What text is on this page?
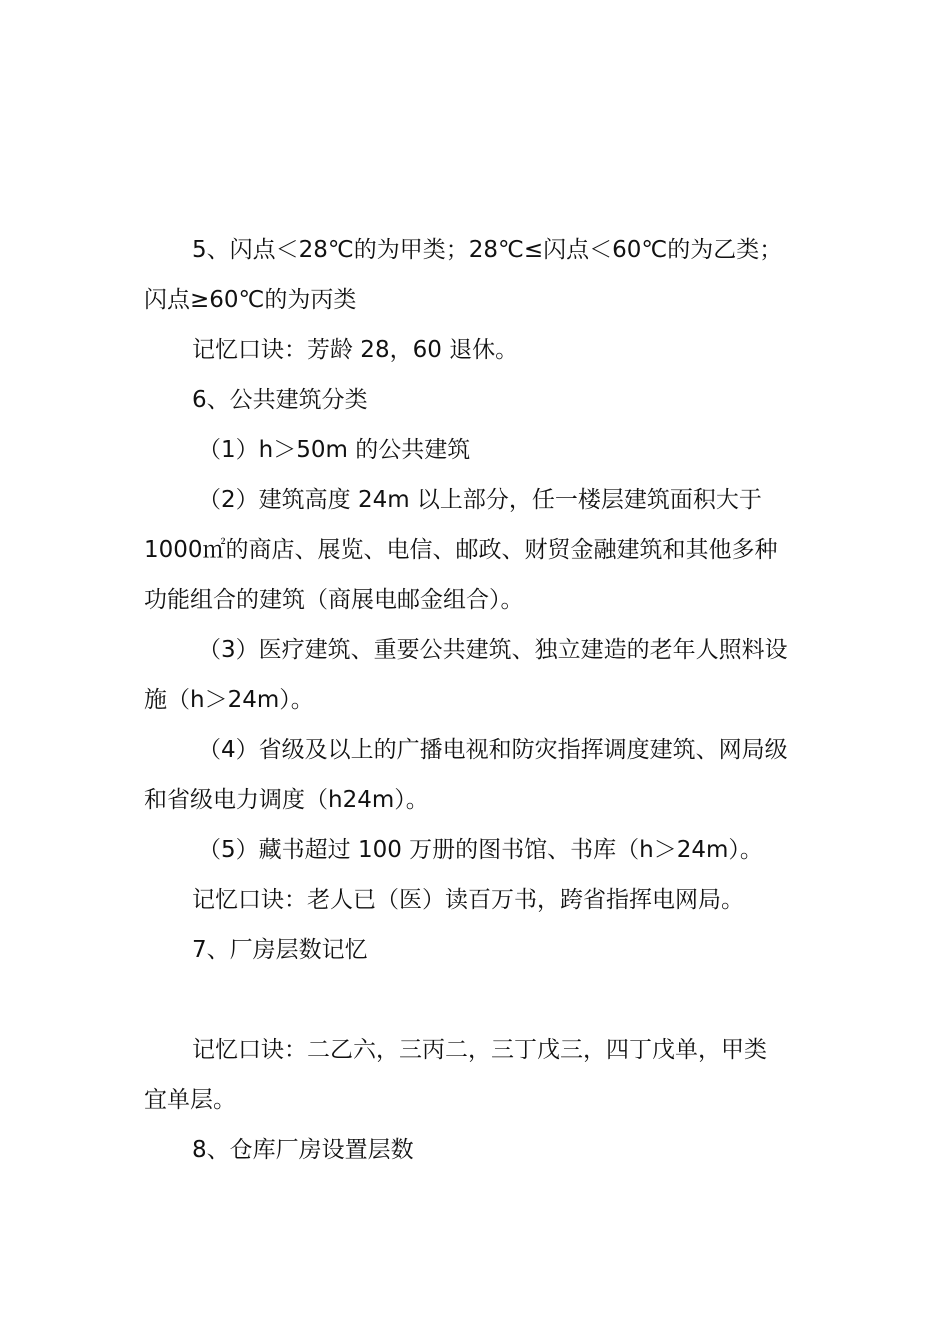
5、闪点＜28℃的为甲类；28℃≤闪点＜60℃的为乙类；
闪点≥60℃的为丙类
记忆口诀：芳龄 28，60 退休。
6、公共建筑分类
（1）h＞50m 的公共建筑
（2）建筑高度 24m 以上部分，任一楼层建筑面积大于
1000㎡的商店、展览、电信、邮政、财贸金融建筑和其他多种
功能组合的建筑（商展电邮金组合）。
（3）医疗建筑、重要公共建筑、独立建造的老年人照料设
施（h＞24m）。
（4）省级及以上的广播电视和防灾指挥调度建筑、网局级
和省级电力调度（h24m）。
（5）藏书超过 100 万册的图书馆、书库（h＞24m）。
记忆口诀：老人已（医）读百万书，跨省指挥电网局。
7、厂房层数记忆
记忆口诀：二乙六，三丙二，三丁戊三，四丁戊单，甲类
宜单层。
8、仓库厂房设置层数
